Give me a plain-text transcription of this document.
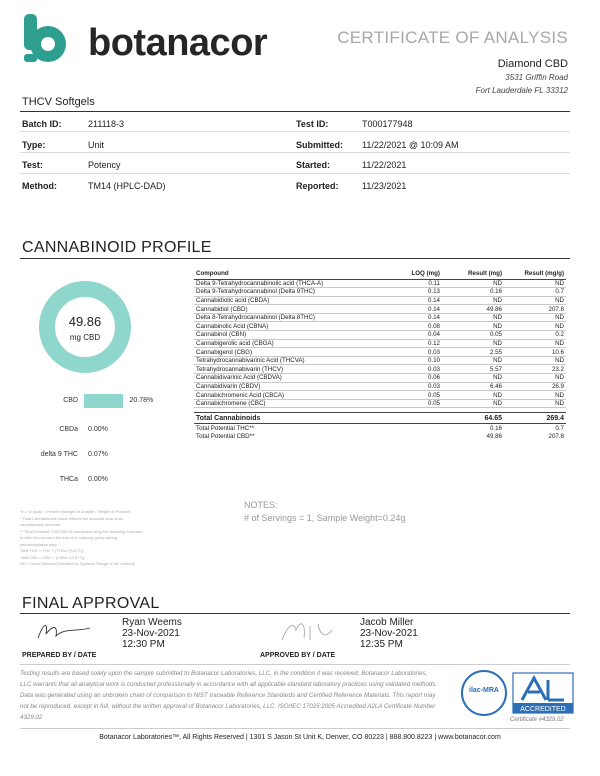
botanacor	CERTIFICATE OF ANALYSIS
Diamond CBD
3531 Griffin Road
Fort Lauderdale FL 33312
THCV Softgels
Batch ID:	211118-3
Type:	Unit
Test:	Potency
Method:	TM14 (HPLC-DAD)
Test ID:	T000177948
Submitted: 11/22/2021 @ 10:09 AM
Started:	11/22/2021
Reported:	11/23/2021
CANNABINOID PROFILE
49.86
mg CBD
CBD	20.78%
CBDa 0.00%
delta 9 THC 0.07%
THCa 0.00%
Compound	LOQ (mg)	Result (mg)	Result (mg/g)
Delta 9-Tetrahydrocannabinolic acid (THCA-A)	0.11	ND	ND
Delta 9-Tetrahydrocannabinol (Delta 9THC)	0.13	0.16	0.7
Cannabidiolic acid (CBDA)	0.14	ND	ND
Cannabidiol (CBD)	0.14	49.86	207.8
Delta 8-Tetrahydrocannabinol (Delta 8THC)	0.14	ND	ND
Cannabinolic Acid (CBNA)	0.08	ND	ND
Cannabinol (CBN)	0.04	0.05	0.2
Cannabigerolic acid (CBGA)	0.12	ND	ND
Cannabigerol (CBG)	0.03	2.55	10.6
Tetrahydrocannabivarinic Acid (THCVA)	0.10	ND	ND
Tetrahydrocannabivarin (THCV)	0.03	5.57	23.2
Cannabidivarinic Acid (CBDVA)	0.06	ND	ND
Cannabidivarin (CBDV)	0.03	6.46	26.9
Cannabichromenic Acid (CBCA)	0.05	ND	ND
Cannabichromene (CBC)	0.05	ND	ND

Total Cannabinoids		64.65	269.4
Total Potential THC**		0.16	0.7
Total Potential CBD**		49.86	207.8
% = % (w/w) = Percent (Weight of Analyte / Weight of Product)
* Total Cannabinoids result reflects the absolute sum of all
cannabinoids detected.
** Total Potential THC/CBD is calculated using the following formulas
to take into account the loss of a carboxyl group during
decarboxylation step.
Total THC = THC + (THCa *(0.877))
Total CBD = CBD + (CBDa *(0.877))
ND = None Detected (Defined by Dynamic Range of the method)
NOTES:
# of Servings = 1, Sample Weight=0.24g
FINAL APPROVAL
Ryan Weems
23-Nov-2021
12:30 PM
PREPARED BY / DATE
Jacob Miller
23-Nov-2021
12:35 PM
APPROVED BY / DATE
Testing results are based solely upon the sample submitted to Botanacor Laboratories, LLC, in the condition it was received. Botanacor Laboratories, LLC warrants that all analytical work is conducted professionally in accordance with all applicable standard laboratory practices using validated methods. Data was generated using an unbroken chain of comparison to NIST traceable Reference Standards and Certified Reference Materials. This report may not be reproduced, except in full, without the written approval of Botanacor Laboratories, LLC. ISO/IEC 17025:2005 Accredited A2LA Certificate Number 4329.02
ilac-MRA
ACCREDITED
Certificate #4329.02
Botanacor Laboratories™, All Rights Reserved | 1301 S Jason St Unit K, Denver, CO 80223 | 888.800.8223 | www.botanacor.com
